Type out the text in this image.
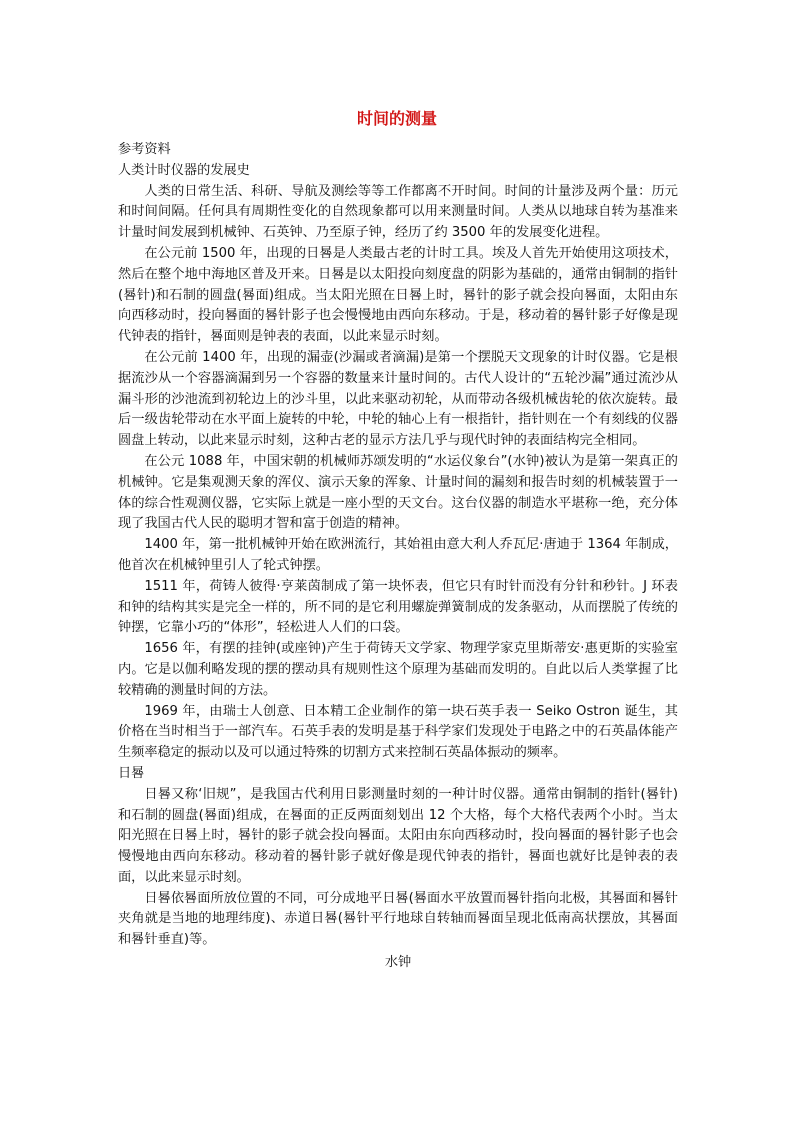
时间的测量

参考资料

人类计时仪器的发展史

人类的日常生活、科研、导航及测绘等等工作都离不开时间。时间的计量涉及两个量：历元和时间间隔。任何具有周期性变化的自然现象都可以用来测量时间。人类从以地球自转为基准来计量时间发展到机械钟、石英钟、乃至原子钟，经历了约 3500 年的发展变化进程。

在公元前 1500 年，出现的日晷是人类最古老的计时工具。埃及人首先开始使用这项技术，然后在整个地中海地区普及开来。日晷是以太阳投向刻度盘的阴影为基础的，通常由铜制的指针(晷针)和石制的圆盘(晷面)组成。当太阳光照在日晷上时，晷针的影子就会投向晷面，太阳由东向西移动时，投向晷面的晷针影子也会慢慢地由西向东移动。于是，移动着的晷针影子好像是现代钟表的指针，晷面则是钟表的表面，以此来显示时刻。

在公元前 1400 年，出现的漏壶(沙漏或者滴漏)是第一个摆脱天文现象的计时仪器。它是根据流沙从一个容器滴漏到另一个容器的数量来计量时间的。古代人设计的“五轮沙漏”通过流沙从漏斗形的沙池流到初轮边上的沙斗里，以此来驱动初轮，从而带动各级机械齿轮的依次旋转。最后一级齿轮带动在水平面上旋转的中轮，中轮的轴心上有一根指针，指针则在一个有刻线的仪器圆盘上转动，以此来显示时刻，这种古老的显示方法几乎与现代时钟的表面结构完全相同。

在公元 1088 年，中国宋朝的机械师苏颂发明的“水运仪象台”(水钟)被认为是第一架真正的机械钟。它是集观测天象的浑仪、演示天象的浑象、计量时间的漏刻和报告时刻的机械装置于一体的综合性观测仪器，它实际上就是一座小型的天文台。这台仪器的制造水平堪称一绝，充分体现了我国古代人民的聪明才智和富于创造的精神。

1400 年，第一批机械钟开始在欧洲流行，其始祖由意大利人乔瓦尼·唐迪于 1364 年制成，他首次在机械钟里引人了轮式钟摆。

1511 年，荷铸人彼得·亨莱茵制成了第一块怀表，但它只有时针而没有分针和秒针。J 环表和钟的结构其实是完全一样的，所不同的是它利用螺旋弹簧制成的发条驱动，从而摆脱了传统的钟摆，它靠小巧的“体形”，轻松进人人们的口袋。

1656 年，有摆的挂钟(或座钟)产生于荷铸天文学家、物理学家克里斯蒂安·惠更斯的实验室内。它是以伽利略发现的摆的摆动具有规则性这个原理为基础而发明的。自此以后人类掌握了比较精确的测量时间的方法。

1969 年，由瑞士人创意、日本精工企业制作的第一块石英手表一 Seiko Ostron 诞生，其价格在当时相当于一部汽车。石英手表的发明是基于科学家们发现处于电路之中的石英晶体能产生频率稳定的振动以及可以通过特殊的切割方式来控制石英晶体振动的频率。

日晷

日晷又称‘旧规”，是我国古代利用日影测量时刻的一种计时仪器。通常由铜制的指针(晷针)和石制的圆盘(晷面)组成，在晷面的正反两面刻划出 12 个大格，每个大格代表两个小时。当太阳光照在日晷上时，晷针的影子就会投向晷面。太阳由东向西移动时，投向晷面的晷针影子也会慢慢地由西向东移动。移动着的晷针影子就好像是现代钟表的指针，晷面也就好比是钟表的表面，以此来显示时刻。

日晷依晷面所放位置的不同，可分成地平日晷(晷面水平放置而晷针指向北极，其晷面和晷针夹角就是当地的地理纬度)、赤道日晷(晷针平行地球自转轴而晷面呈现北低南高状摆放，其晷面和晷针垂直)等。

水钟
